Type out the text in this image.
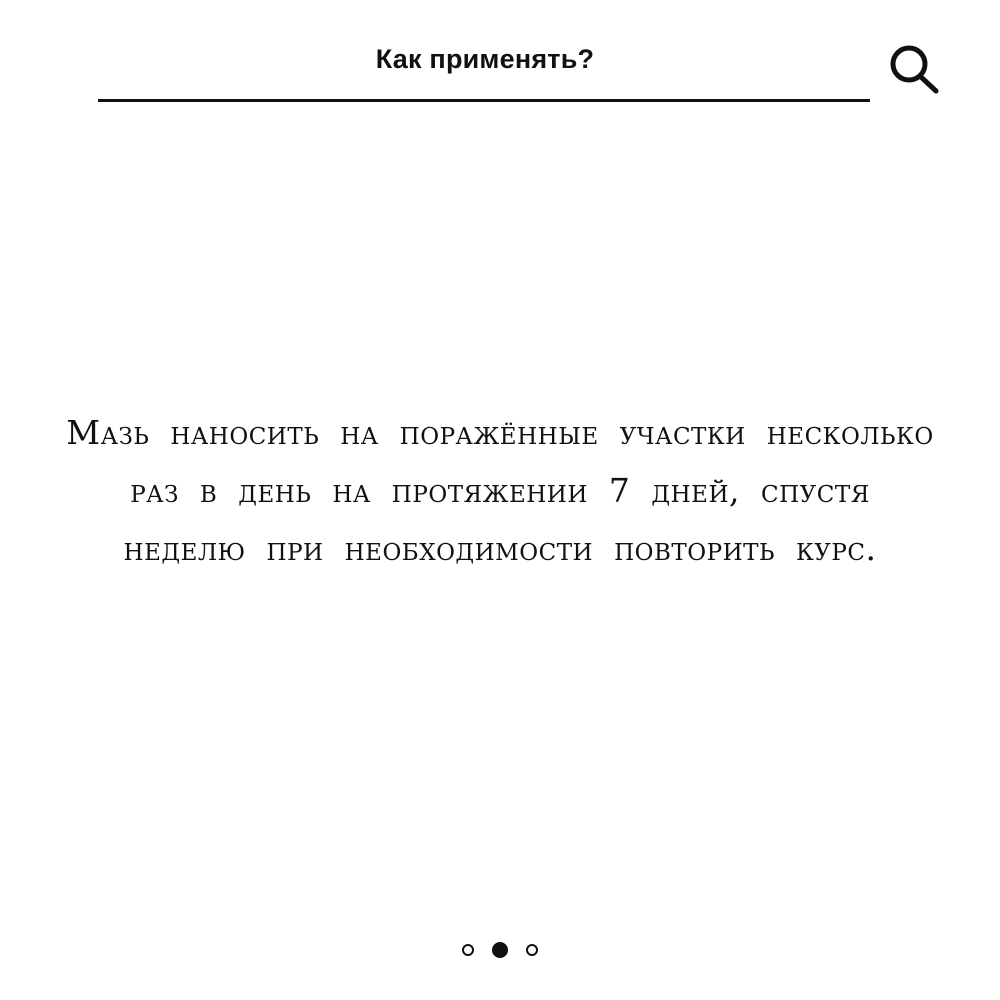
Как применять?
Мазь наносить на поражённые участки несколько раз в день на протяжении 7 дней, спустя неделю при необходимости повторить курс.
